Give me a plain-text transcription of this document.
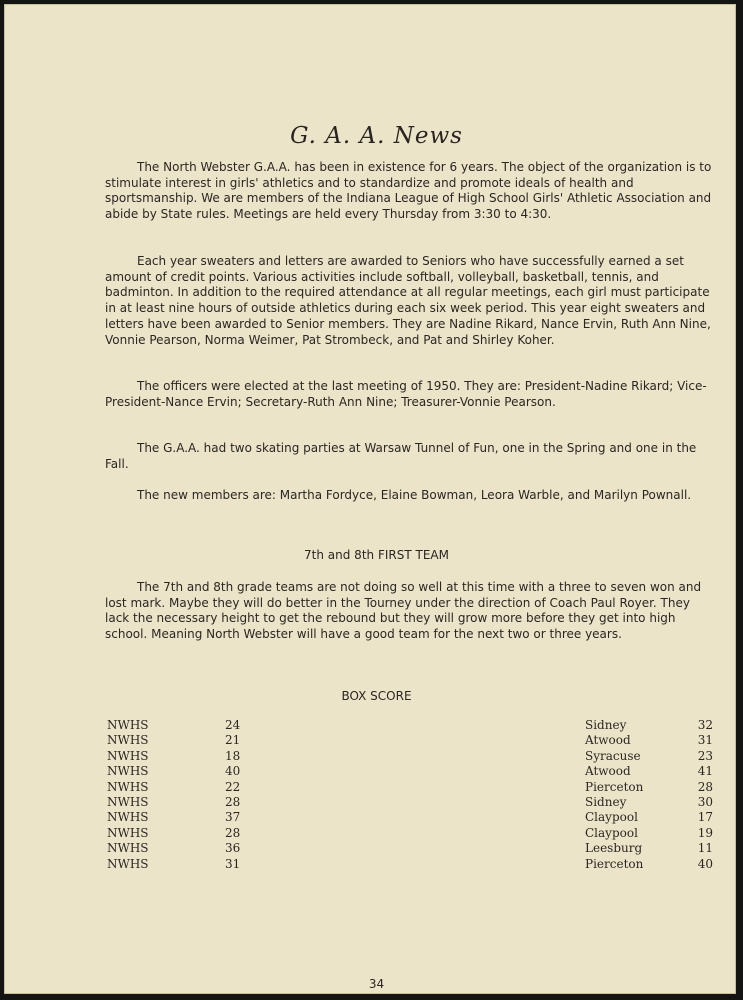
G. A. A. News

The North Webster G.A.A. has been in existence for 6 years. The object of the organization is to stimulate interest in girls' athletics and to standardize and promote ideals of health and sportsmanship. We are members of the Indiana League of High School Girls' Athletic Association and abide by State rules. Meetings are held every Thursday from 3:30 to 4:30.

Each year sweaters and letters are awarded to Seniors who have successfully earned a set amount of credit points. Various activities include softball, volleyball, basketball, tennis, and badminton. In addition to the required attendance at all regular meetings, each girl must participate in at least nine hours of outside athletics during each six week period. This year eight sweaters and letters have been awarded to Senior members. They are Nadine Rikard, Nance Ervin, Ruth Ann Nine, Vonnie Pearson, Norma Weimer, Pat Strombeck, and Pat and Shirley Koher.

The officers were elected at the last meeting of 1950. They are: President-Nadine Rikard; Vice-President-Nance Ervin; Secretary-Ruth Ann Nine; Treasurer-Vonnie Pearson.

The G.A.A. had two skating parties at Warsaw Tunnel of Fun, one in the Spring and one in the Fall.

The new members are: Martha Fordyce, Elaine Bowman, Leora Warble, and Marilyn Pownall.

7th and 8th FIRST TEAM

The 7th and 8th grade teams are not doing so well at this time with a three to seven won and lost mark. Maybe they will do better in the Tourney under the direction of Coach Paul Royer. They lack the necessary height to get the rebound but they will grow more before they get into high school. Meaning North Webster will have a good team for the next two or three years.

BOX SCORE
NWHS	24	Sidney	32
NWHS	21	Atwood	31
NWHS	18	Syracuse	23
NWHS	40	Atwood	41
NWHS	22	Pierceton	28
NWHS	28	Sidney	30
NWHS	37	Claypool	17
NWHS	28	Claypool	19
NWHS	36	Leesburg	11
NWHS	31	Pierceton	40
34
